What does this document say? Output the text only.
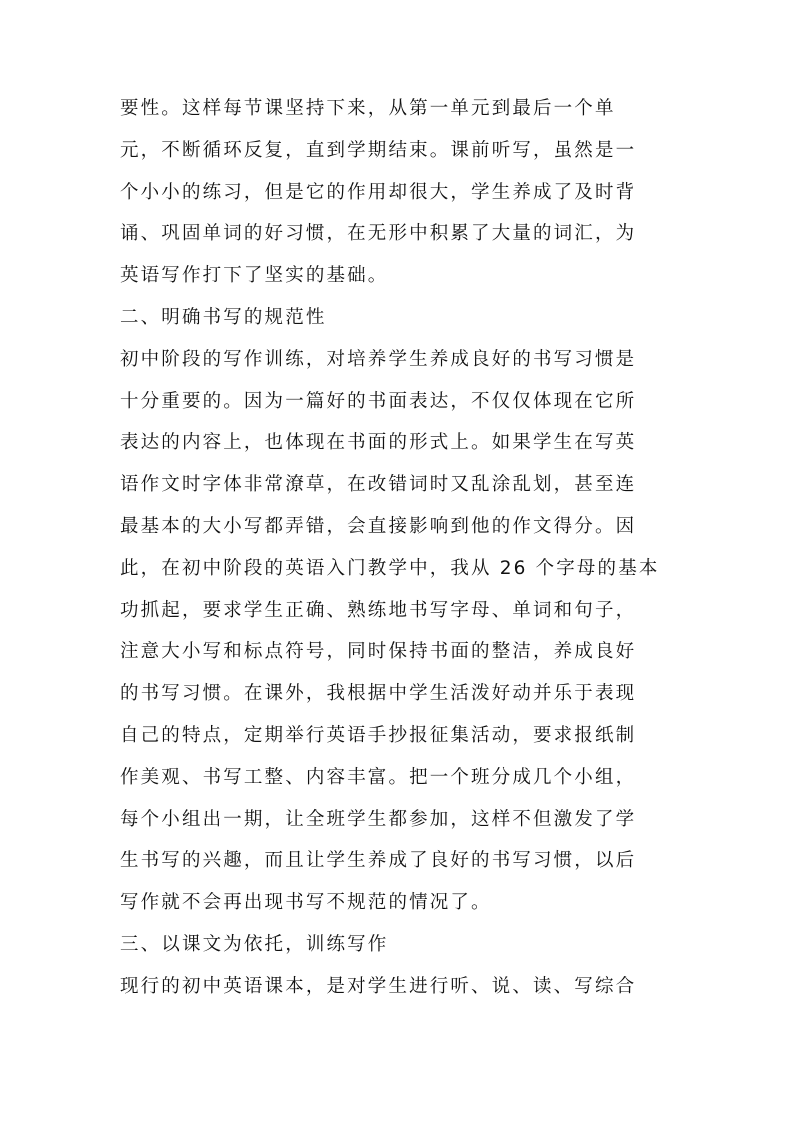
要性。这样每节课坚持下来，从第一单元到最后一个单
元，不断循环反复，直到学期结束。课前听写，虽然是一
个小小的练习，但是它的作用却很大，学生养成了及时背
诵、巩固单词的好习惯，在无形中积累了大量的词汇，为
英语写作打下了坚实的基础。
二、明确书写的规范性
初中阶段的写作训练，对培养学生养成良好的书写习惯是
十分重要的。因为一篇好的书面表达，不仅仅体现在它所
表达的内容上，也体现在书面的形式上。如果学生在写英
语作文时字体非常潦草，在改错词时又乱涂乱划，甚至连
最基本的大小写都弄错，会直接影响到他的作文得分。因
此，在初中阶段的英语入门教学中，我从 26 个字母的基本
功抓起，要求学生正确、熟练地书写字母、单词和句子，
注意大小写和标点符号，同时保持书面的整洁，养成良好
的书写习惯。在课外，我根据中学生活泼好动并乐于表现
自己的特点，定期举行英语手抄报征集活动，要求报纸制
作美观、书写工整、内容丰富。把一个班分成几个小组，
每个小组出一期，让全班学生都参加，这样不但激发了学
生书写的兴趣，而且让学生养成了良好的书写习惯，以后
写作就不会再出现书写不规范的情况了。
三、以课文为依托，训练写作
现行的初中英语课本，是对学生进行听、说、读、写综合
